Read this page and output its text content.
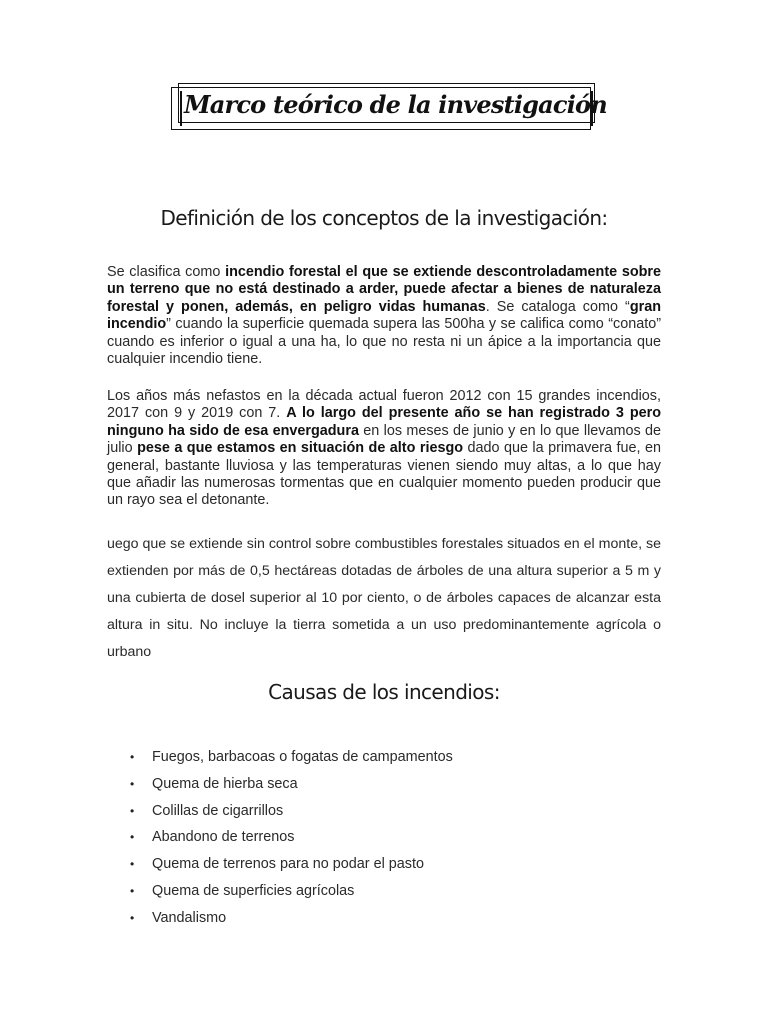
Marco teórico de la investigación
Definición de los conceptos de la investigación:
Se clasifica como incendio forestal el que se extiende descontroladamente sobre un terreno que no está destinado a arder, puede afectar a bienes de naturaleza forestal y ponen, además, en peligro vidas humanas. Se cataloga como “gran incendio” cuando la superficie quemada supera las 500ha y se califica como “conato” cuando es inferior o igual a una ha, lo que no resta ni un ápice a la importancia que cualquier incendio tiene.
Los años más nefastos en la década actual fueron 2012 con 15 grandes incendios, 2017 con 9 y 2019 con 7. A lo largo del presente año se han registrado 3 pero ninguno ha sido de esa envergadura en los meses de junio y en lo que llevamos de julio pese a que estamos en situación de alto riesgo dado que la primavera fue, en general, bastante lluviosa y las temperaturas vienen siendo muy altas, a lo que hay que añadir las numerosas tormentas que en cualquier momento pueden producir que un rayo sea el detonante.
uego que se extiende sin control sobre combustibles forestales situados en el monte, se extienden por más de 0,5 hectáreas dotadas de árboles de una altura superior a 5 m y una cubierta de dosel superior al 10 por ciento, o de árboles capaces de alcanzar esta altura in situ. No incluye la tierra sometida a un uso predominantemente agrícola o urbano
Causas de los incendios:
• Fuegos, barbacoas o fogatas de campamentos
• Quema de hierba seca
• Colillas de cigarrillos
• Abandono de terrenos
• Quema de terrenos para no podar el pasto
• Quema de superficies agrícolas
• Vandalismo
